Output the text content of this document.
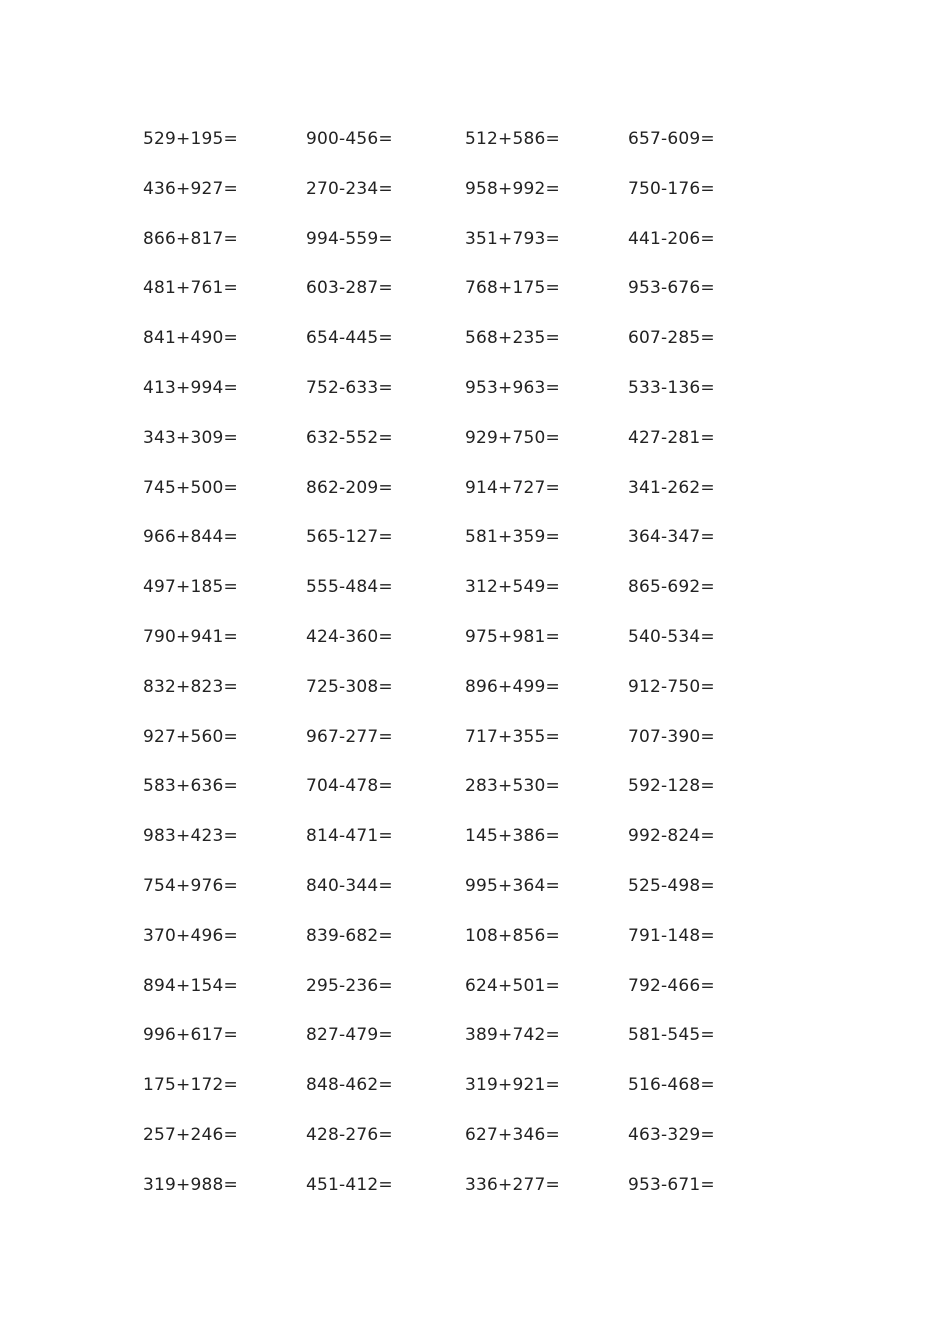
529+195=	900-456=	512+586=	657-609=
436+927=	270-234=	958+992=	750-176=
866+817=	994-559=	351+793=	441-206=
481+761=	603-287=	768+175=	953-676=
841+490=	654-445=	568+235=	607-285=
413+994=	752-633=	953+963=	533-136=
343+309=	632-552=	929+750=	427-281=
745+500=	862-209=	914+727=	341-262=
966+844=	565-127=	581+359=	364-347=
497+185=	555-484=	312+549=	865-692=
790+941=	424-360=	975+981=	540-534=
832+823=	725-308=	896+499=	912-750=
927+560=	967-277=	717+355=	707-390=
583+636=	704-478=	283+530=	592-128=
983+423=	814-471=	145+386=	992-824=
754+976=	840-344=	995+364=	525-498=
370+496=	839-682=	108+856=	791-148=
894+154=	295-236=	624+501=	792-466=
996+617=	827-479=	389+742=	581-545=
175+172=	848-462=	319+921=	516-468=
257+246=	428-276=	627+346=	463-329=
319+988=	451-412=	336+277=	953-671=
